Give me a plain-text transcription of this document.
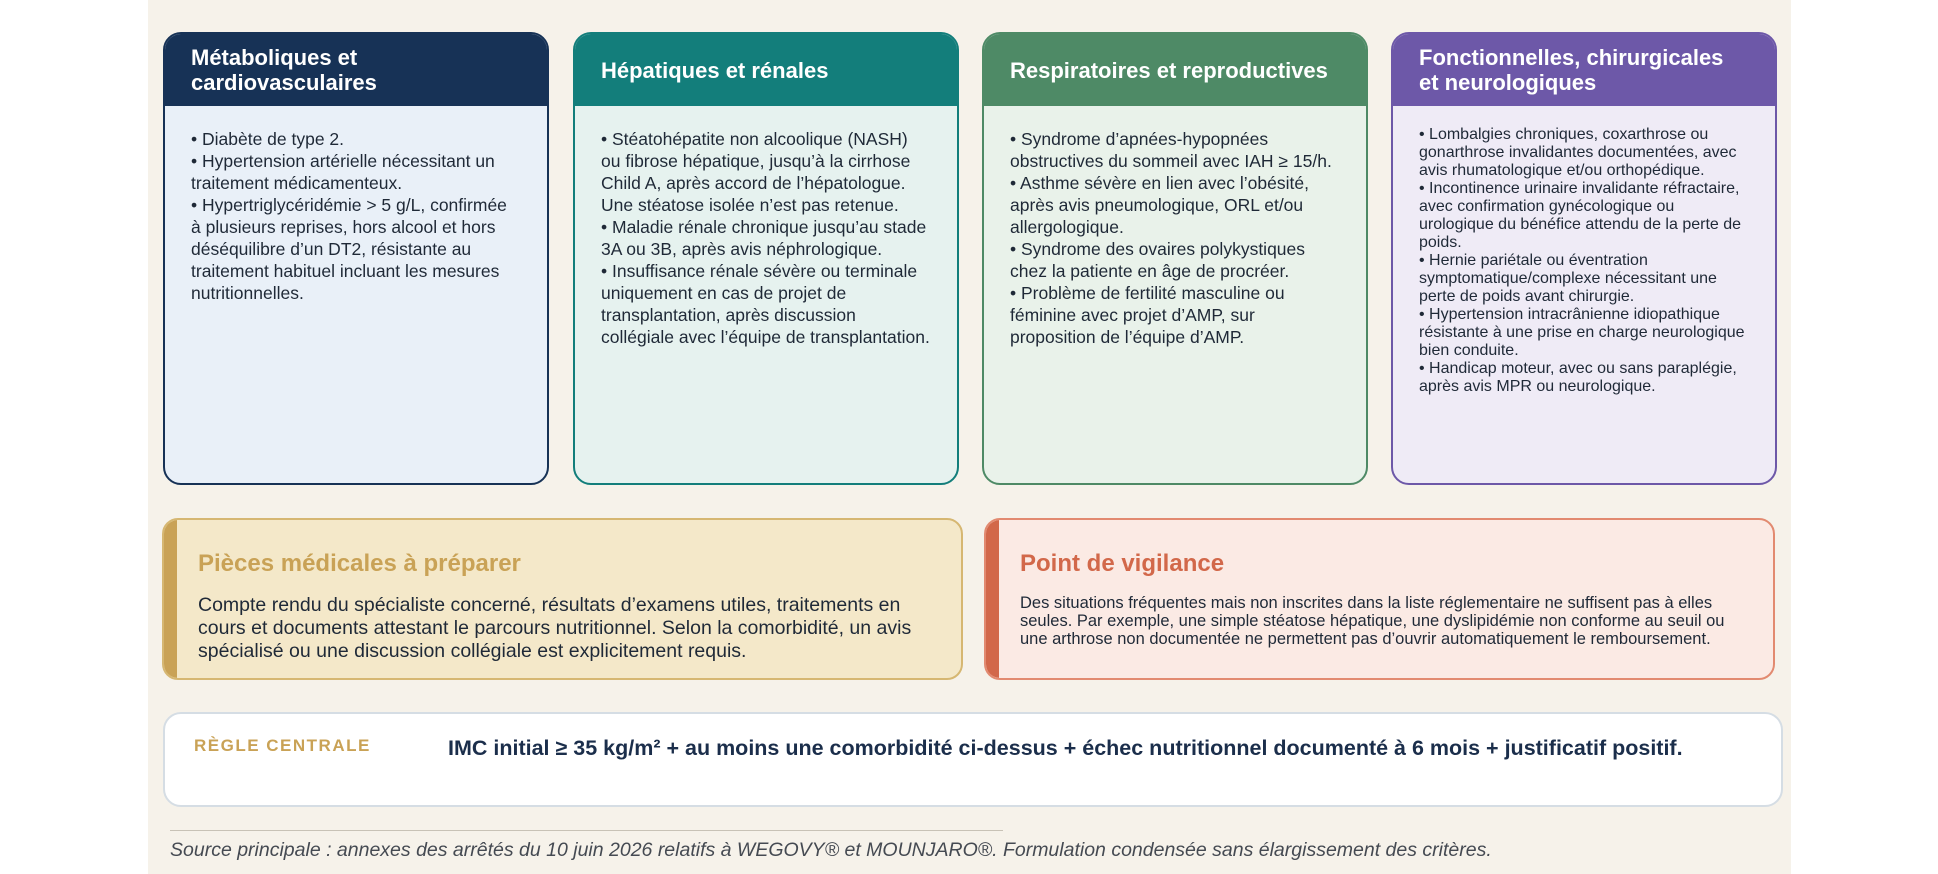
Métaboliques et cardiovasculaires
• Diabète de type 2.
• Hypertension artérielle nécessitant un traitement médicamenteux.
• Hypertriglycéridémie > 5 g/L, confirmée à plusieurs reprises, hors alcool et hors déséquilibre d’un DT2, résistante au traitement habituel incluant les mesures nutritionnelles.
Hépatiques et rénales
• Stéatohépatite non alcoolique (NASH) ou fibrose hépatique, jusqu’à la cirrhose Child A, après accord de l’hépatologue. Une stéatose isolée n’est pas retenue.
• Maladie rénale chronique jusqu’au stade 3A ou 3B, après avis néphrologique.
• Insuffisance rénale sévère ou terminale uniquement en cas de projet de transplantation, après discussion collégiale avec l’équipe de transplantation.
Respiratoires et reproductives
• Syndrome d’apnées-hypopnées obstructives du sommeil avec IAH ≥ 15/h.
• Asthme sévère en lien avec l’obésité, après avis pneumologique, ORL et/ou allergologique.
• Syndrome des ovaires polykystiques chez la patiente en âge de procréer.
• Problème de fertilité masculine ou féminine avec projet d’AMP, sur proposition de l’équipe d’AMP.
Fonctionnelles, chirurgicales et neurologiques
• Lombalgies chroniques, coxarthrose ou gonarthrose invalidantes documentées, avec avis rhumatologique et/ou orthopédique.
• Incontinence urinaire invalidante réfractaire, avec confirmation gynécologique ou urologique du bénéfice attendu de la perte de poids.
• Hernie pariétale ou éventration symptomatique/complexe nécessitant une perte de poids avant chirurgie.
• Hypertension intracrânienne idiopathique résistante à une prise en charge neurologique bien conduite.
• Handicap moteur, avec ou sans paraplégie, après avis MPR ou neurologique.
Pièces médicales à préparer
Compte rendu du spécialiste concerné, résultats d’examens utiles, traitements en cours et documents attestant le parcours nutritionnel. Selon la comorbidité, un avis spécialisé ou une discussion collégiale est explicitement requis.
Point de vigilance
Des situations fréquentes mais non inscrites dans la liste réglementaire ne suffisent pas à elles seules. Par exemple, une simple stéatose hépatique, une dyslipidémie non conforme au seuil ou une arthrose non documentée ne permettent pas d’ouvrir automatiquement le remboursement.
RÈGLE CENTRALE	IMC initial ≥ 35 kg/m² + au moins une comorbidité ci-dessus + échec nutritionnel documenté à 6 mois + justificatif positif.
Source principale : annexes des arrêtés du 10 juin 2026 relatifs à WEGOVY® et MOUNJARO®. Formulation condensée sans élargissement des critères.
